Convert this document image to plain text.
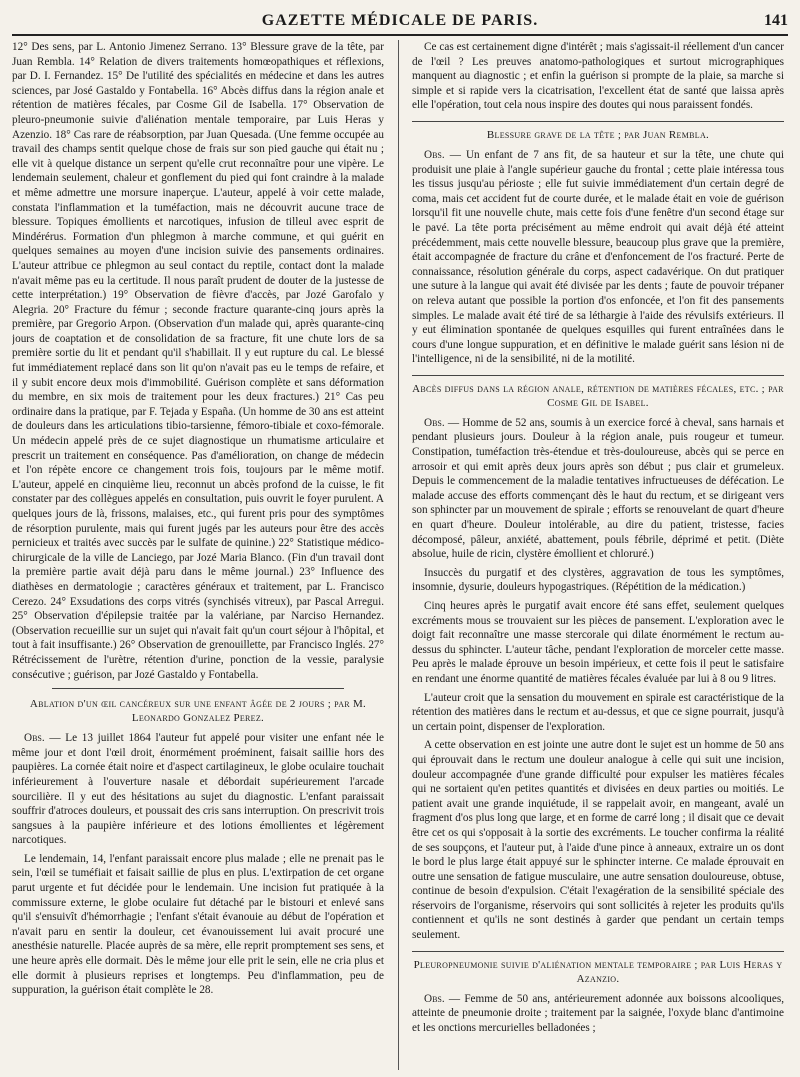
GAZETTE MÉDICALE DE PARIS.	141

12° Des sens, par L. Antonio Jimenez Serrano. 13° Blessure grave de la tête, par Juan Rembla. 14° Relation de divers traitements homœopathiques et réflexions, par D. I. Fernandez. 15° De l'utilité des spécialités en médecine et dans les autres sciences, par José Gastaldo y Fontabella. 16° Abcès diffus dans la région anale et rétention de matières fécales, par Cosme Gil de Isabella. 17° Observation de pleuro-pneumonie suivie d'aliénation mentale temporaire, par Luis Heras y Azenzio. 18° Cas rare de réabsorption, par Juan Quesada. (Une femme occupée au travail des champs sentit quelque chose de frais sur son pied gauche qui était nu ; elle vit à quelque distance un serpent qu'elle crut reconnaître pour une vipère. Le lendemain seulement, chaleur et gonflement du pied qui font craindre à la malade et même admettre une morsure inaperçue. L'auteur, appelé à voir cette malade, constata l'inflammation et la tuméfaction, mais ne découvrit aucune trace de blessure. Topiques émollients et narcotiques, infusion de tilleul avec esprit de Mindérérus. Formation d'un phlegmon à marche commune, et qui guérit en quelques semaines au moyen d'une incision suivie des pansements ordinaires. L'auteur attribue ce phlegmon au seul contact du reptile, contact dont la malade n'avait même pas eu la certitude. Il nous paraît prudent de douter de la justesse de cette interprétation.) 19° Observation de fièvre d'accès, par Jozé Garofalo y Alegria. 20° Fracture du fémur ; seconde fracture quarante-cinq jours après la première, par Gregorio Arpon. (Observation d'un malade qui, après quarante-cinq jours de coaptation et de consolidation de sa fracture, fit une chute lors de sa première sortie du lit et pendant qu'il s'habillait. Il y eut rupture du cal. Le blessé fut immédiatement replacé dans son lit qu'on n'avait pas eu le temps de refaire, et il y subit encore deux mois d'immobilité. Guérison complète et sans déformation du membre, en six mois de traitement pour les deux fractures.) 21° Cas peu ordinaire dans la pratique, par F. Tejada y España. (Un homme de 30 ans est atteint de douleurs dans les articulations tibio-tarsienne, fémoro-tibiale et coxo-fémorale. Un médecin appelé près de ce sujet diagnostique un rhumatisme articulaire et prescrit un traitement en conséquence. Pas d'amélioration, on change de médecin et l'on répète encore ce changement trois fois, toujours par le même motif. L'auteur, appelé en cinquième lieu, reconnut un abcès profond de la cuisse, le fit constater par des collègues appelés en consultation, puis ouvrit le foyer purulent. A quelques jours de là, frissons, malaises, etc., qui furent pris pour des symptômes de résorption purulente, mais qui furent jugés par les auteurs pour être des accès pernicieux et traités avec succès par le sulfate de quinine.) 22° Statistique médico-chirurgicale de la ville de Lanciego, par Jozé Maria Blanco. (Fin d'un travail dont la première partie avait déjà paru dans le même journal.) 23° Influence des diathèses en dermatologie ; caractères généraux et traitement, par L. Francisco Cerezo. 24° Exsudations des corps vitrés (synchisés vitreux), par Pascal Arregui. 25° Observation d'épilepsie traitée par la valériane, par Narciso Hernandez. (Observation recueillie sur un sujet qui n'avait fait qu'un court séjour à l'hôpital, et tout à fait insuffisante.) 26° Observation de grenouillette, par Francisco Inglés. 27° Rétrécissement de l'urètre, rétention d'urine, ponction de la vessie, paralysie consécutive ; guérison, par Jozé Gastaldo y Fontabella.

Ablation d'un œil cancéreux sur une enfant âgée de 2 jours ; par M. Leonardo Gonzalez Perez.

Obs. — Le 13 juillet 1864 l'auteur fut appelé pour visiter une enfant née le même jour et dont l'œil droit, énormément proéminent, faisait saillie hors des paupières. La cornée était noire et d'aspect cartilagineux, le globe oculaire touchait inférieurement à l'ouverture nasale et débordait supérieurement l'arcade sourcilière. Il y eut des hésitations au sujet du diagnostic. L'enfant paraissait souffrir d'atroces douleurs, et poussait des cris sans interruption. On prescrivit trois sangsues à la paupière inférieure et des lotions émollientes et légèrement narcotiques.

Le lendemain, 14, l'enfant paraissait encore plus malade ; elle ne prenait pas le sein, l'œil se tuméfiait et faisait saillie de plus en plus. L'extirpation de cet organe parut urgente et fut décidée pour le lendemain. Une incision fut pratiquée à la commissure externe, le globe oculaire fut détaché par le bistouri et enlevé sans qu'il s'ensuivît d'hémorrhagie ; l'enfant s'était évanouie au début de l'opération et n'avait paru en sentir la douleur, cet évanouissement lui avait procuré une anesthésie naturelle. Placée auprès de sa mère, elle reprit promptement ses sens, et une heure après elle dormait. Dès le même jour elle prit le sein, elle ne cria plus et elle dormit à plusieurs reprises et longtemps. Peu d'inflammation, peu de suppuration, la guérison était complète le 28.

Ce cas est certainement digne d'intérêt ; mais s'agissait-il réellement d'un cancer de l'œil ? Les preuves anatomo-pathologiques et surtout micrographiques manquent au diagnostic ; et enfin la guérison si prompte de la plaie, sa marche si simple et si rapide vers la cicatrisation, l'excellent état de santé que laissa après elle l'opération, tout cela nous inspire des doutes qui nous paraissent fondés.

Blessure grave de la tête ; par Juan Rembla.

Obs. — Un enfant de 7 ans fit, de sa hauteur et sur la tête, une chute qui produisit une plaie à l'angle supérieur gauche du frontal ; cette plaie intéressa tous les tissus jusqu'au périoste ; elle fut suivie immédiatement d'un certain degré de coma, mais cet accident fut de courte durée, et le malade était en voie de guérison lorsqu'il fit une nouvelle chute, mais cette fois d'une fenêtre d'un second étage sur le pavé. La tête porta précisément au même endroit qui avait déjà été atteint précédemment, mais cette nouvelle blessure, beaucoup plus grave que la première, était accompagnée de fracture du crâne et d'enfoncement de l'os fracturé. Perte de connaissance, résolution générale du corps, aspect cadavérique. On dut pratiquer une suture à la langue qui avait été divisée par les dents ; faute de pouvoir trépaner on releva autant que possible la portion d'os enfoncée, et l'on fit des pansements simples. Le malade avait été tiré de sa léthargie à l'aide des révulsifs extérieurs. Il y eut élimination spontanée de quelques esquilles qui furent entraînées dans le cours d'une longue suppuration, et en définitive le malade guérit sans lésion ni de l'intelligence, ni de la sensibilité, ni de la motilité.

Abcès diffus dans la région anale, rétention de matières fécales, etc. ; par Cosme Gil de Isabel.

Obs. — Homme de 52 ans, soumis à un exercice forcé à cheval, sans harnais et pendant plusieurs jours. Douleur à la région anale, puis rougeur et tumeur. Constipation, tuméfaction très-étendue et très-douloureuse, abcès qui se perce en arrosoir et qui emit après deux jours après son début ; pus clair et grumeleux. Depuis le commencement de la maladie tentatives infructueuses de défécation. Le malade accuse des efforts commençant dès le haut du rectum, et se dirigeant vers son sphincter par un mouvement de spirale ; efforts se renouvelant de quart d'heure en quart d'heure. Douleur intolérable, au dire du patient, tristesse, facies décomposé, pâleur, anxiété, abattement, pouls fébrile, déprimé et petit. (Diète absolue, huile de ricin, clystère émollient et chloruré.)

Insuccès du purgatif et des clystères, aggravation de tous les symptômes, insomnie, dysurie, douleurs hypogastriques. (Répétition de la médication.)

Cinq heures après le purgatif avait encore été sans effet, seulement quelques excréments mous se trouvaient sur les pièces de pansement. L'exploration avec le doigt fait reconnaître une masse stercorale qui dilate énormément le rectum au-dessus du sphincter. L'auteur tâche, pendant l'exploration de morceler cette masse. Peu après le malade éprouve un besoin impérieux, et cette fois il peut le satisfaire en rendant une énorme quantité de matières fécales évaluée par lui à 8 ou 9 litres.

L'auteur croit que la sensation du mouvement en spirale est caractéristique de la rétention des matières dans le rectum et au-dessus, et que ce signe pourrait, jusqu'à un certain point, dispenser de l'exploration.

A cette observation en est jointe une autre dont le sujet est un homme de 50 ans qui éprouvait dans le rectum une douleur analogue à celle qui suit une incision, douleur accompagnée d'une grande difficulté pour expulser les matières fécales qui ne sortaient qu'en petites quantités et divisées en deux parties ou moitiés. Le patient avait une grande inquiétude, il se rappelait avoir, en mangeant, avalé un fragment d'os plus long que large, et en forme de carré long ; il disait que ce devait être cet os qui s'opposait à la sortie des excréments. Le toucher confirma la réalité de ses soupçons, et l'auteur put, à l'aide d'une pince à anneaux, extraire un os dont le bord le plus large était appuyé sur le sphincter interne. Ce malade éprouvait en outre une sensation de fatigue musculaire, une autre sensation douloureuse, obtuse, continue de besoin d'expulsion. C'était l'exagération de la sensibilité spéciale des réservoirs de l'organisme, réservoirs qui sont sollicités à rejeter les produits qu'ils contiennent et qu'ils ne sont destinés à garder que pendant un certain temps seulement.

Pleuropneumonie suivie d'aliénation mentale temporaire ; par Luis Heras y Azanzio.

Obs. — Femme de 50 ans, antérieurement adonnée aux boissons alcooliques, atteinte de pneumonie droite ; traitement par la saignée, l'oxyde blanc d'antimoine et les onctions mercurielles belladonées ;
